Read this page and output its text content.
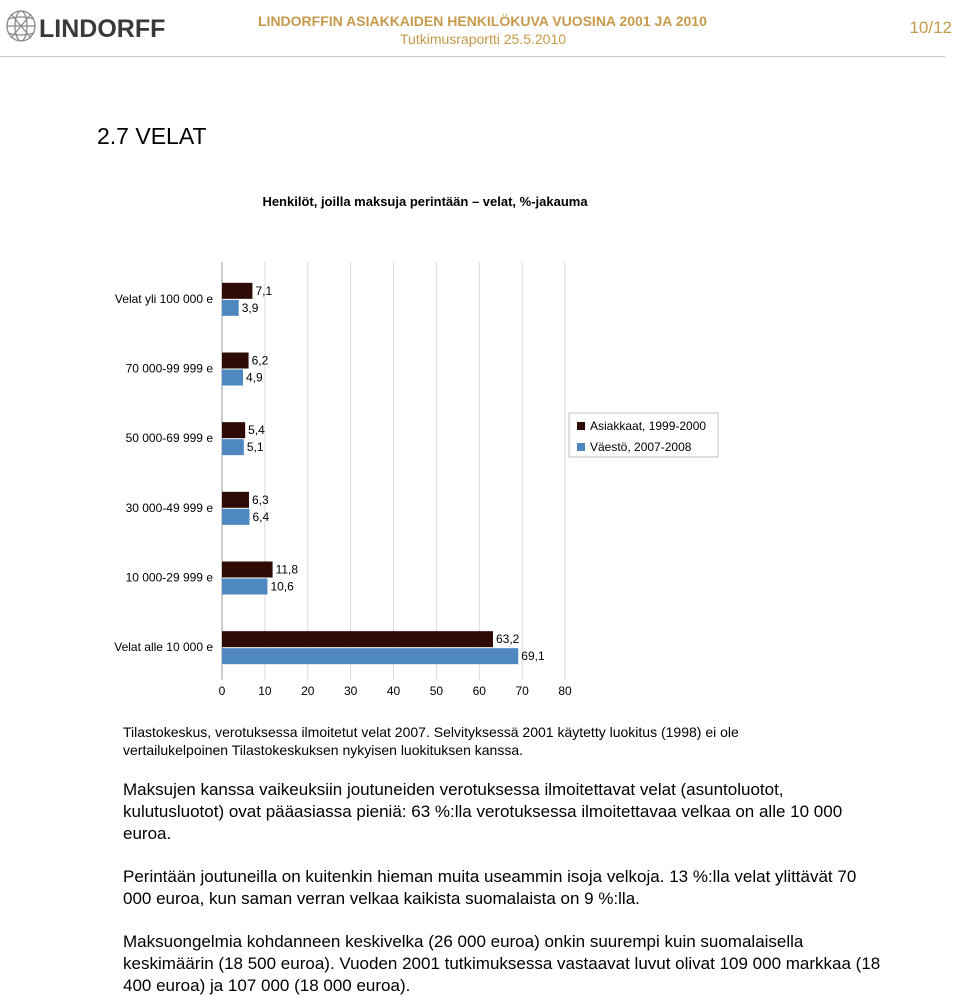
LINDORFF	LINDORFFIN ASIAKKAIDEN HENKILÖKUVA VUOSINA 2001 JA 2010
Tutkimusraportti 25.5.2010
10/12
2.7 VELAT
Henkilöt, joilla maksuja perintään – velat, %-jakauma
0	10 20 30 40 50 60 70 80
Velat yli 100 000 e
7,1
3,9
70 000-99 999 e
6,2
4,9
50 000-69 999 e
5,4
5,1
30 000-49 999 e
6,3
6,4
10 000-29 999 e
11,8
10,6
Velat alle 10 000 e
63,2
69,1
Asiakkaat, 1999-2000
Väestö, 2007-2008
Tilastokeskus, verotuksessa ilmoitetut velat 2007. Selvityksessä 2001 käytetty luokitus (1998) ei ole vertailukelpoinen Tilastokeskuksen nykyisen luokituksen kanssa.

Maksujen kanssa vaikeuksiin joutuneiden verotuksessa ilmoitettavat velat (asuntoluotot, kulutusluotot) ovat pääasiassa pieniä: 63 %:lla verotuksessa ilmoitettavaa velkaa on alle 10 000 euroa.

Perintään joutuneilla on kuitenkin hieman muita useammin isoja velkoja. 13 %:lla velat ylittävät 70 000 euroa, kun saman verran velkaa kaikista suomalaista on 9 %:lla.

Maksuongelmia kohdanneen keskivelka (26 000 euroa) onkin suurempi kuin suomalaisella keskimäärin (18 500 euroa). Vuoden 2001 tutkimuksessa vastaavat luvut olivat 109 000 markkaa (18 400 euroa) ja 107 000 (18 000 euroa).
